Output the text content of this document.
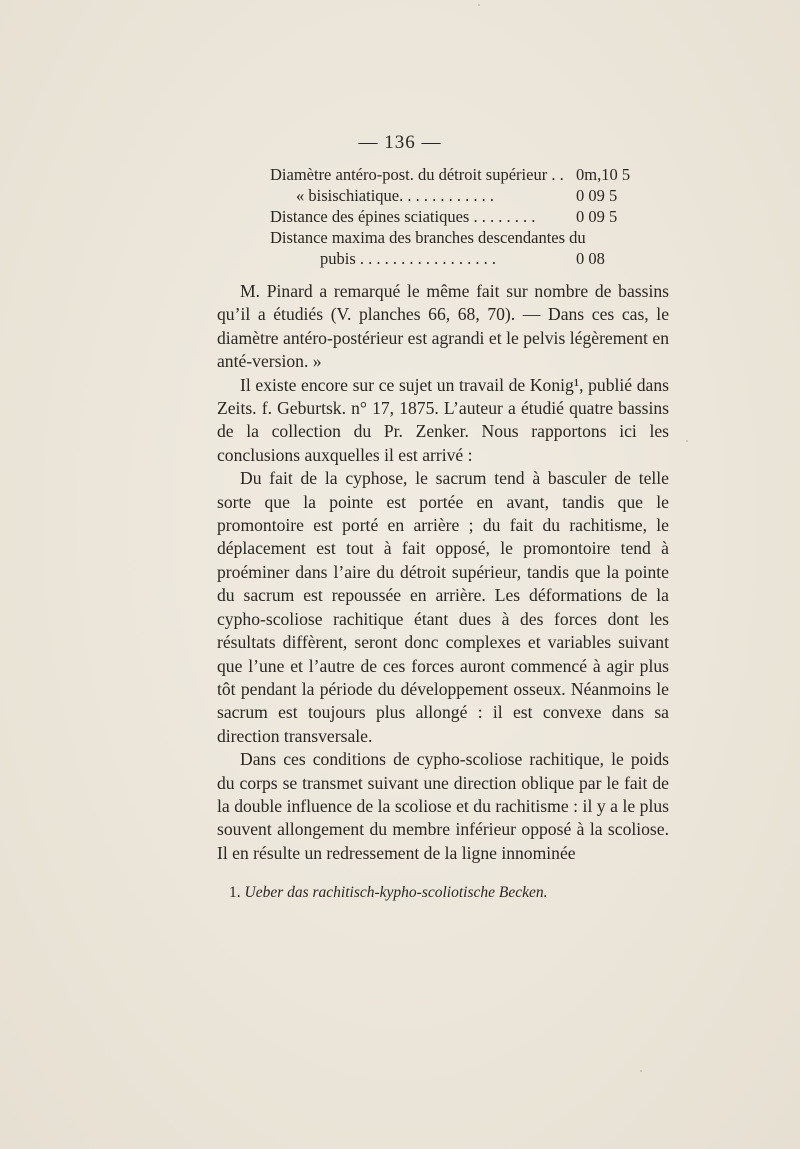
— 136 —
Diamètre antéro-post. du détroit supérieur . . 0m,10 5
« bisischiatique. . . . . . . . . . . .	0 09 5
Distance des épines sciatiques . . . . . . . . 0 09 5
Distance maxima des branches descendantes du
pubis . . . . . . . . . . . . . . . . .	0 08

M. Pinard a remarqué le même fait sur nombre de bassins qu’il a étudiés (V. planches 66, 68, 70). — Dans ces cas, le diamètre antéro-postérieur est agrandi et le pelvis légèrement en anté-version. »

Il existe encore sur ce sujet un travail de Konig¹, publié dans Zeits. f. Geburtsk. n° 17, 1875. L’auteur a étudié quatre bassins de la collection du Pr. Zenker. Nous rapportons ici les conclusions auxquelles il est arrivé :

Du fait de la cyphose, le sacrum tend à basculer de telle sorte que la pointe est portée en avant, tandis que le promontoire est porté en arrière ; du fait du rachitisme, le déplacement est tout à fait opposé, le promontoire tend à proéminer dans l’aire du détroit supérieur, tandis que la pointe du sacrum est repoussée en arrière. Les déformations de la cypho-scoliose rachitique étant dues à des forces dont les résultats diffèrent, seront donc complexes et variables suivant que l’une et l’autre de ces forces auront commencé à agir plus tôt pendant la période du développement osseux. Néanmoins le sacrum est toujours plus allongé : il est convexe dans sa direction transversale.

Dans ces conditions de cypho-scoliose rachitique, le poids du corps se transmet suivant une direction oblique par le fait de la double influence de la scoliose et du rachitisme : il y a le plus souvent allongement du membre inférieur opposé à la scoliose. Il en résulte un redressement de la ligne innominée

1. Ueber das rachitisch-kypho-scoliotische Becken.
